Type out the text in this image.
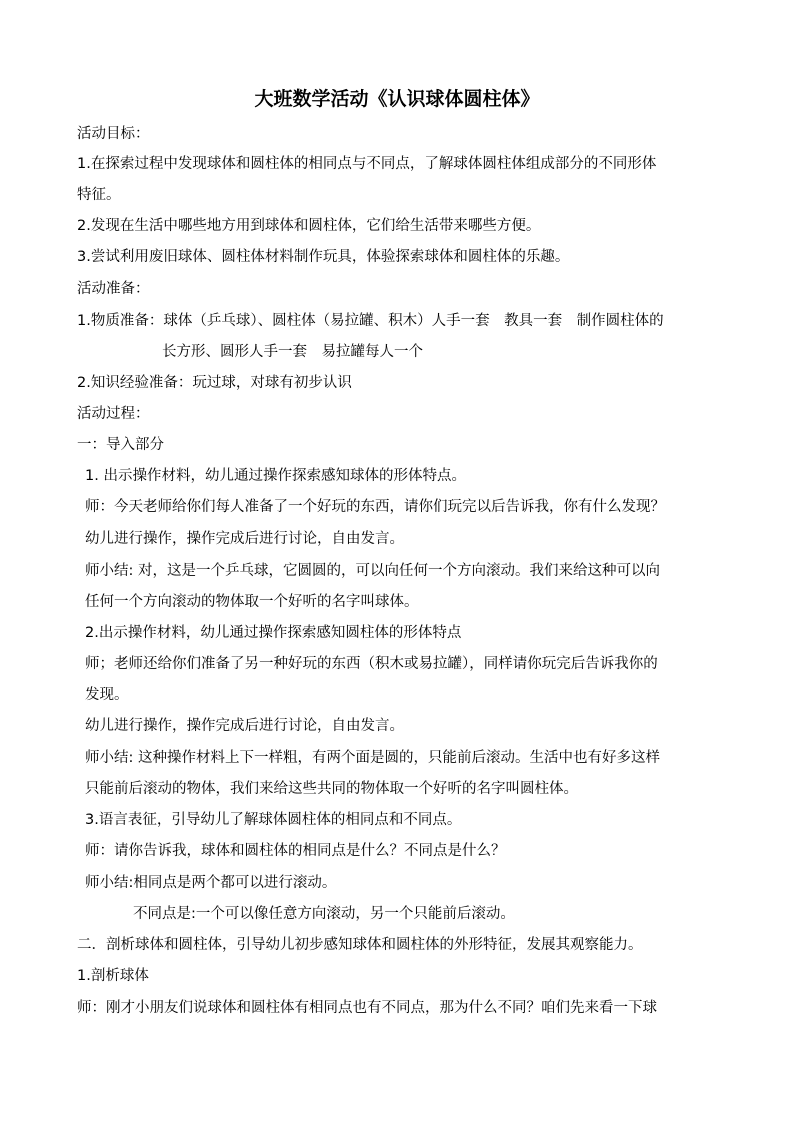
大班数学活动《认识球体圆柱体》
活动目标：
1.在探索过程中发现球体和圆柱体的相同点与不同点，了解球体圆柱体组成部分的不同形体
特征。
2.发现在生活中哪些地方用到球体和圆柱体，它们给生活带来哪些方便。
3.尝试利用废旧球体、圆柱体材料制作玩具，体验探索球体和圆柱体的乐趣。
活动准备：
1.物质准备：球体（乒乓球）、圆柱体（易拉罐、积木）人手一套　教具一套　制作圆柱体的
长方形、圆形人手一套　易拉罐每人一个
2.知识经验准备：玩过球，对球有初步认识
活动过程：
一：导入部分
1. 出示操作材料，幼儿通过操作探索感知球体的形体特点。
师：今天老师给你们每人准备了一个好玩的东西，请你们玩完以后告诉我，你有什么发现？
幼儿进行操作，操作完成后进行讨论，自由发言。
师小结: 对，这是一个乒乓球，它圆圆的，可以向任何一个方向滚动。我们来给这种可以向
任何一个方向滚动的物体取一个好听的名字叫球体。
2.出示操作材料，幼儿通过操作探索感知圆柱体的形体特点
师；老师还给你们准备了另一种好玩的东西（积木或易拉罐），同样请你玩完后告诉我你的
发现。
幼儿进行操作，操作完成后进行讨论，自由发言。
师小结: 这种操作材料上下一样粗，有两个面是圆的，只能前后滚动。生活中也有好多这样
只能前后滚动的物体，我们来给这些共同的物体取一个好听的名字叫圆柱体。
3.语言表征，引导幼儿了解球体圆柱体的相同点和不同点。
师：请你告诉我，球体和圆柱体的相同点是什么？不同点是什么？
师小结:相同点是两个都可以进行滚动。
不同点是:一个可以像任意方向滚动，另一个只能前后滚动。
二．剖析球体和圆柱体，引导幼儿初步感知球体和圆柱体的外形特征，发展其观察能力。
1.剖析球体
师：刚才小朋友们说球体和圆柱体有相同点也有不同点，那为什么不同？咱们先来看一下球
